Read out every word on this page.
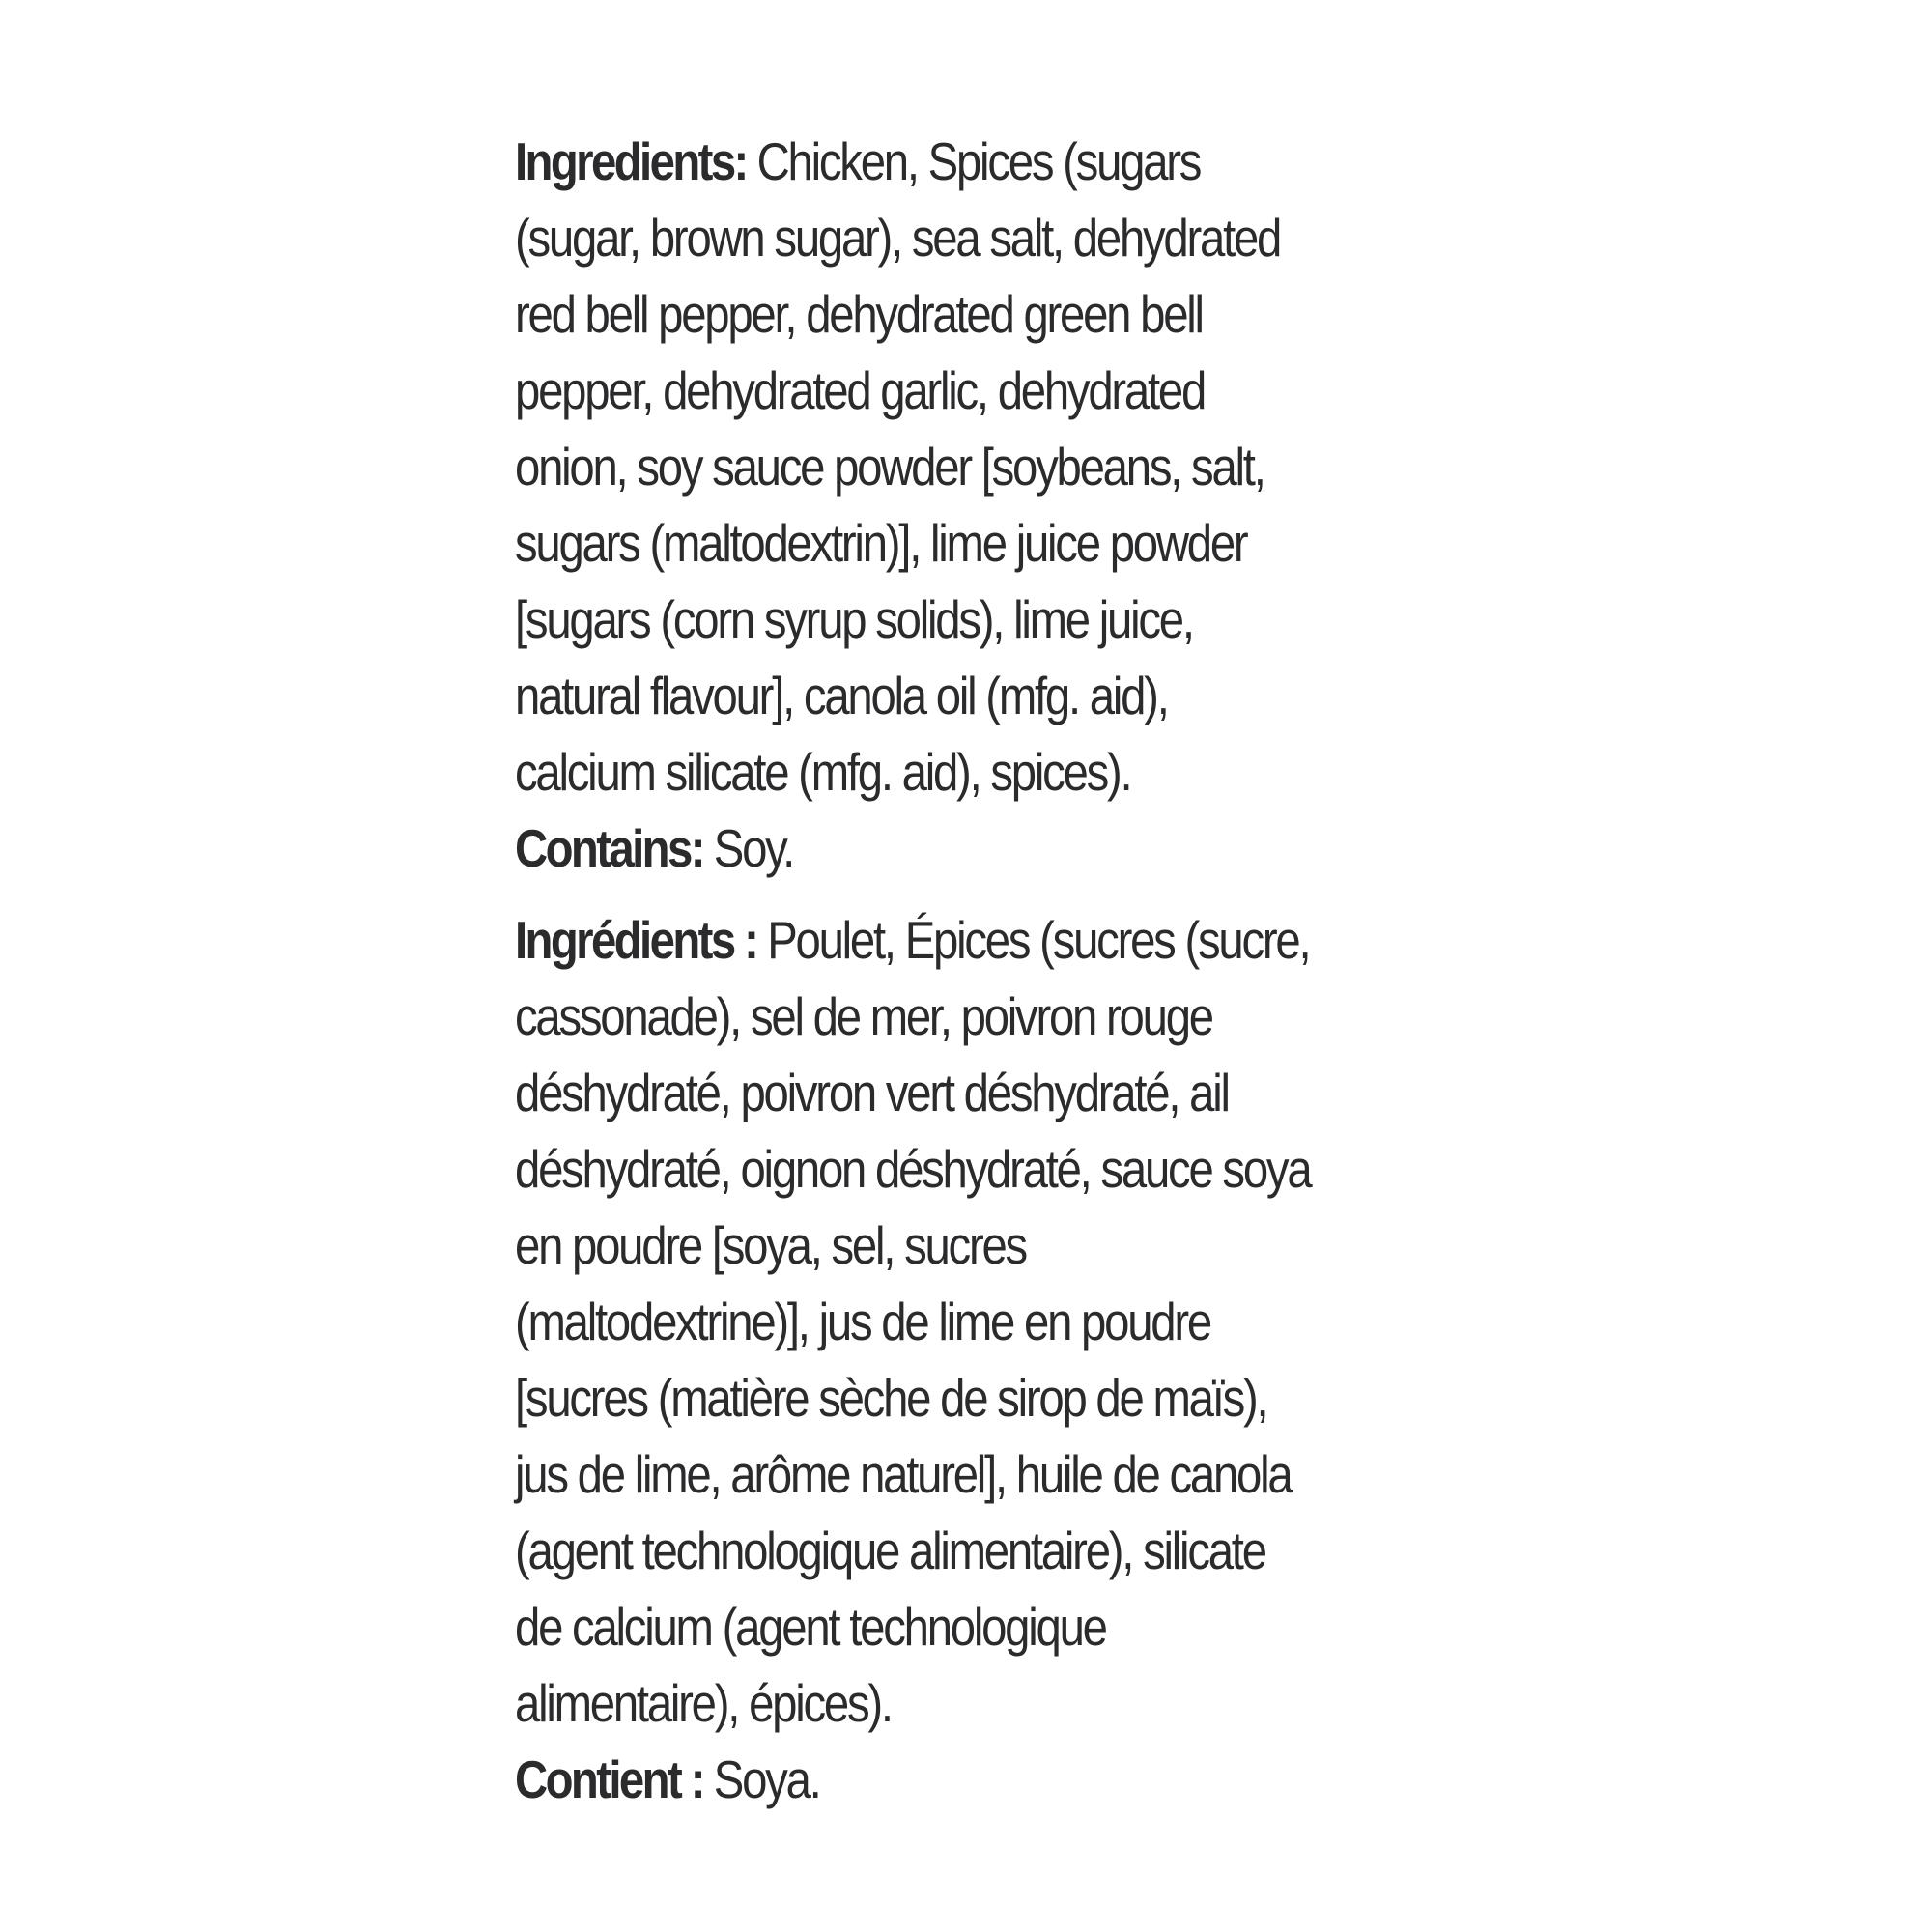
Ingredients: Chicken, Spices (sugars
(sugar, brown sugar), sea salt, dehydrated
red bell pepper, dehydrated green bell
pepper, dehydrated garlic, dehydrated
onion, soy sauce powder [soybeans, salt,
sugars (maltodextrin)], lime juice powder
[sugars (corn syrup solids), lime juice,
natural flavour], canola oil (mfg. aid),
calcium silicate (mfg. aid), spices).
Contains: Soy.
Ingrédients : Poulet, Épices (sucres (sucre,
cassonade), sel de mer, poivron rouge
déshydraté, poivron vert déshydraté, ail
déshydraté, oignon déshydraté, sauce soya
en poudre [soya, sel, sucres
(maltodextrine)], jus de lime en poudre
[sucres (matière sèche de sirop de maïs),
jus de lime, arôme naturel], huile de canola
(agent technologique alimentaire), silicate
de calcium (agent technologique
alimentaire), épices).
Contient : Soya.
